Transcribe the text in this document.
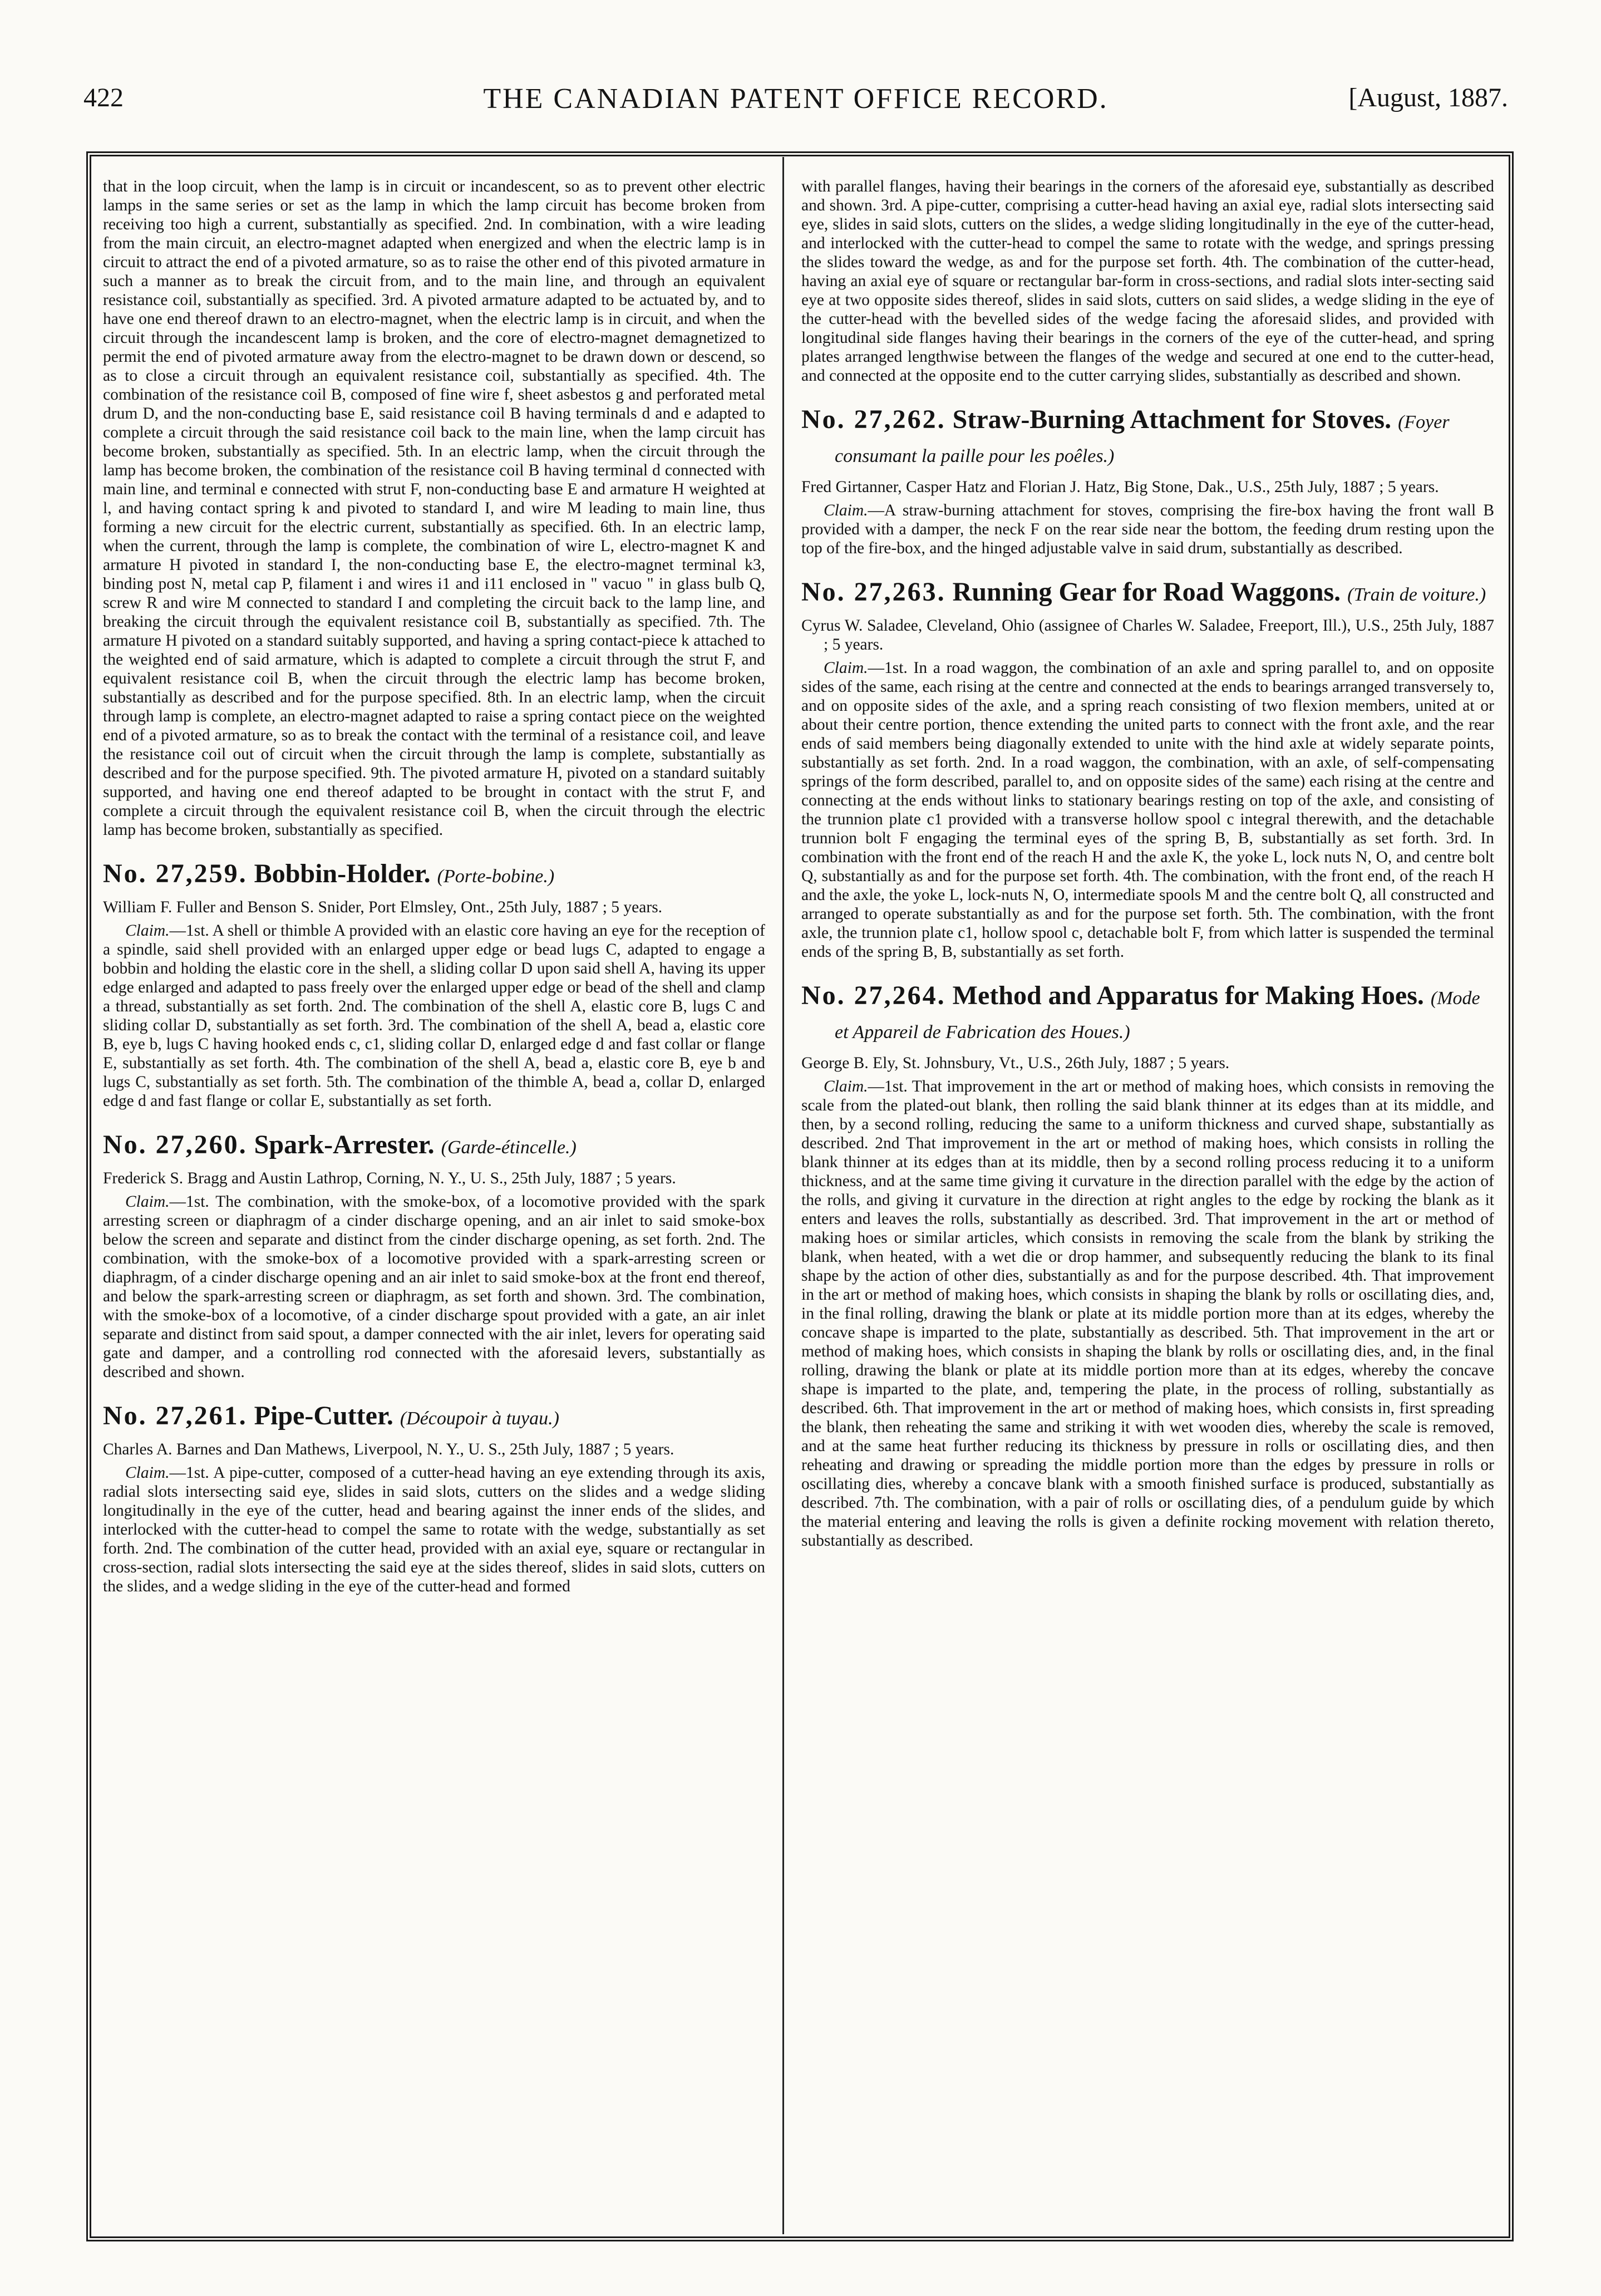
422	THE CANADIAN PATENT OFFICE RECORD.	[August, 1887.

that in the loop circuit, when the lamp is in circuit or incandescent, so as to prevent other electric lamps in the same series or set as the lamp in which the lamp circuit has become broken from receiving too high a current, substantially as specified. 2nd. In combination, with a wire leading from the main circuit, an electro-magnet adapted when energized and when the electric lamp is in circuit to attract the end of a pivoted armature, so as to raise the other end of this pivoted armature in such a manner as to break the circuit from, and to the main line, and through an equivalent resistance coil, substantially as specified. 3rd. A pivoted armature adapted to be actuated by, and to have one end thereof drawn to an electro-magnet, when the electric lamp is in circuit, and when the circuit through the incandescent lamp is broken, and the core of electro-magnet demagnetized to permit the end of pivoted armature away from the electro-magnet to be drawn down or descend, so as to close a circuit through an equivalent resistance coil, substantially as specified. 4th. The combination of the resistance coil B, composed of fine wire f, sheet asbestos g and perforated metal drum D, and the non-conducting base E, said resistance coil B having terminals d and e adapted to complete a circuit through the said resistance coil back to the main line, when the lamp circuit has become broken, substantially as specified. 5th. In an electric lamp, when the circuit through the lamp has become broken, the combination of the resistance coil B having terminal d connected with main line, and terminal e connected with strut F, non-conducting base E and armature H weighted at l, and having contact spring k and pivoted to standard I, and wire M leading to main line, thus forming a new circuit for the electric current, substantially as specified. 6th. In an electric lamp, when the current, through the lamp is complete, the combination of wire L, electro-magnet K and armature H pivoted in standard I, the non-conducting base E, the electro-magnet terminal k3, binding post N, metal cap P, filament i and wires i1 and i11 enclosed in " vacuo " in glass bulb Q, screw R and wire M connected to standard I and completing the circuit back to the lamp line, and breaking the circuit through the equivalent resistance coil B, substantially as specified. 7th. The armature H pivoted on a standard suitably supported, and having a spring contact-piece k attached to the weighted end of said armature, which is adapted to complete a circuit through the strut F, and equivalent resistance coil B, when the circuit through the electric lamp has become broken, substantially as described and for the purpose specified. 8th. In an electric lamp, when the circuit through lamp is complete, an electro-magnet adapted to raise a spring contact piece on the weighted end of a pivoted armature, so as to break the contact with the terminal of a resistance coil, and leave the resistance coil out of circuit when the circuit through the lamp is complete, substantially as described and for the purpose specified. 9th. The pivoted armature H, pivoted on a standard suitably supported, and having one end thereof adapted to be brought in contact with the strut F, and complete a circuit through the equivalent resistance coil B, when the circuit through the electric lamp has become broken, substantially as specified.

No. 27,259. Bobbin-Holder. (Porte-bobine.)

William F. Fuller and Benson S. Snider, Port Elmsley, Ont., 25th July, 1887 ; 5 years.

Claim.—1st. A shell or thimble A provided with an elastic core having an eye for the reception of a spindle, said shell provided with an enlarged upper edge or bead lugs C, adapted to engage a bobbin and holding the elastic core in the shell, a sliding collar D upon said shell A, having its upper edge enlarged and adapted to pass freely over the enlarged upper edge or bead of the shell and clamp a thread, substantially as set forth. 2nd. The combination of the shell A, elastic core B, lugs C and sliding collar D, substantially as set forth. 3rd. The combination of the shell A, bead a, elastic core B, eye b, lugs C having hooked ends c, c1, sliding collar D, enlarged edge d and fast collar or flange E, substantially as set forth. 4th. The combination of the shell A, bead a, elastic core B, eye b and lugs C, substantially as set forth. 5th. The combination of the thimble A, bead a, collar D, enlarged edge d and fast flange or collar E, substantially as set forth.

No. 27,260. Spark-Arrester. (Garde-étincelle.)

Frederick S. Bragg and Austin Lathrop, Corning, N. Y., U. S., 25th July, 1887 ; 5 years.

Claim.—1st. The combination, with the smoke-box, of a locomotive provided with the spark arresting screen or diaphragm of a cinder discharge opening, and an air inlet to said smoke-box below the screen and separate and distinct from the cinder discharge opening, as set forth. 2nd. The combination, with the smoke-box of a locomotive provided with a spark-arresting screen or diaphragm, of a cinder discharge opening and an air inlet to said smoke-box at the front end thereof, and below the spark-arresting screen or diaphragm, as set forth and shown. 3rd. The combination, with the smoke-box of a locomotive, of a cinder discharge spout provided with a gate, an air inlet separate and distinct from said spout, a damper connected with the air inlet, levers for operating said gate and damper, and a controlling rod connected with the aforesaid levers, substantially as described and shown.

No. 27,261. Pipe-Cutter. (Découpoir à tuyau.)

Charles A. Barnes and Dan Mathews, Liverpool, N. Y., U. S., 25th July, 1887 ; 5 years.

Claim.—1st. A pipe-cutter, composed of a cutter-head having an eye extending through its axis, radial slots intersecting said eye, slides in said slots, cutters on the slides and a wedge sliding longitudinally in the eye of the cutter, head and bearing against the inner ends of the slides, and interlocked with the cutter-head to compel the same to rotate with the wedge, substantially as set forth. 2nd. The combination of the cutter head, provided with an axial eye, square or rectangular in cross-section, radial slots intersecting the said eye at the sides thereof, slides in said slots, cutters on the slides, and a wedge sliding in the eye of the cutter-head and formed

with parallel flanges, having their bearings in the corners of the aforesaid eye, substantially as described and shown. 3rd. A pipe-cutter, comprising a cutter-head having an axial eye, radial slots intersecting said eye, slides in said slots, cutters on the slides, a wedge sliding longitudinally in the eye of the cutter-head, and interlocked with the cutter-head to compel the same to rotate with the wedge, and springs pressing the slides toward the wedge, as and for the purpose set forth. 4th. The combination of the cutter-head, having an axial eye of square or rectangular bar-form in cross-sections, and radial slots inter-secting said eye at two opposite sides thereof, slides in said slots, cutters on said slides, a wedge sliding in the eye of the cutter-head with the bevelled sides of the wedge facing the aforesaid slides, and provided with longitudinal side flanges having their bearings in the corners of the eye of the cutter-head, and spring plates arranged lengthwise between the flanges of the wedge and secured at one end to the cutter-head, and connected at the opposite end to the cutter carrying slides, substantially as described and shown.

No. 27,262. Straw-Burning Attachment for Stoves. (Foyer consumant la paille pour les poêles.)

Fred Girtanner, Casper Hatz and Florian J. Hatz, Big Stone, Dak., U.S., 25th July, 1887 ; 5 years.

Claim.—A straw-burning attachment for stoves, comprising the fire-box having the front wall B provided with a damper, the neck F on the rear side near the bottom, the feeding drum resting upon the top of the fire-box, and the hinged adjustable valve in said drum, substantially as described.

No. 27,263. Running Gear for Road Waggons. (Train de voiture.)

Cyrus W. Saladee, Cleveland, Ohio (assignee of Charles W. Saladee, Freeport, Ill.), U.S., 25th July, 1887 ; 5 years.

Claim.—1st. In a road waggon, the combination of an axle and spring parallel to, and on opposite sides of the same, each rising at the centre and connected at the ends to bearings arranged transversely to, and on opposite sides of the axle, and a spring reach consisting of two flexion members, united at or about their centre portion, thence extending the united parts to connect with the front axle, and the rear ends of said members being diagonally extended to unite with the hind axle at widely separate points, substantially as set forth. 2nd. In a road waggon, the combination, with an axle, of self-compensating springs of the form described, parallel to, and on opposite sides of the same) each rising at the centre and connecting at the ends without links to stationary bearings resting on top of the axle, and consisting of the trunnion plate c1 provided with a transverse hollow spool c integral therewith, and the detachable trunnion bolt F engaging the terminal eyes of the spring B, B, substantially as set forth. 3rd. In combination with the front end of the reach H and the axle K, the yoke L, lock nuts N, O, and centre bolt Q, substantially as and for the purpose set forth. 4th. The combination, with the front end, of the reach H and the axle, the yoke L, lock-nuts N, O, intermediate spools M and the centre bolt Q, all constructed and arranged to operate substantially as and for the purpose set forth. 5th. The combination, with the front axle, the trunnion plate c1, hollow spool c, detachable bolt F, from which latter is suspended the terminal ends of the spring B, B, substantially as set forth.

No. 27,264. Method and Apparatus for Making Hoes. (Mode et Appareil de Fabrication des Houes.)

George B. Ely, St. Johnsbury, Vt., U.S., 26th July, 1887 ; 5 years.

Claim.—1st. That improvement in the art or method of making hoes, which consists in removing the scale from the plated-out blank, then rolling the said blank thinner at its edges than at its middle, and then, by a second rolling, reducing the same to a uniform thickness and curved shape, substantially as described. 2nd That improvement in the art or method of making hoes, which consists in rolling the blank thinner at its edges than at its middle, then by a second rolling process reducing it to a uniform thickness, and at the same time giving it curvature in the direction parallel with the edge by the action of the rolls, and giving it curvature in the direction at right angles to the edge by rocking the blank as it enters and leaves the rolls, substantially as described. 3rd. That improvement in the art or method of making hoes or similar articles, which consists in removing the scale from the blank by striking the blank, when heated, with a wet die or drop hammer, and subsequently reducing the blank to its final shape by the action of other dies, substantially as and for the purpose described. 4th. That improvement in the art or method of making hoes, which consists in shaping the blank by rolls or oscillating dies, and, in the final rolling, drawing the blank or plate at its middle portion more than at its edges, whereby the concave shape is imparted to the plate, substantially as described. 5th. That improvement in the art or method of making hoes, which consists in shaping the blank by rolls or oscillating dies, and, in the final rolling, drawing the blank or plate at its middle portion more than at its edges, whereby the concave shape is imparted to the plate, and, tempering the plate, in the process of rolling, substantially as described. 6th. That improvement in the art or method of making hoes, which consists in, first spreading the blank, then reheating the same and striking it with wet wooden dies, whereby the scale is removed, and at the same heat further reducing its thickness by pressure in rolls or oscillating dies, and then reheating and drawing or spreading the middle portion more than the edges by pressure in rolls or oscillating dies, whereby a concave blank with a smooth finished surface is produced, substantially as described. 7th. The combination, with a pair of rolls or oscillating dies, of a pendulum guide by which the material entering and leaving the rolls is given a definite rocking movement with relation thereto, substantially as described.
